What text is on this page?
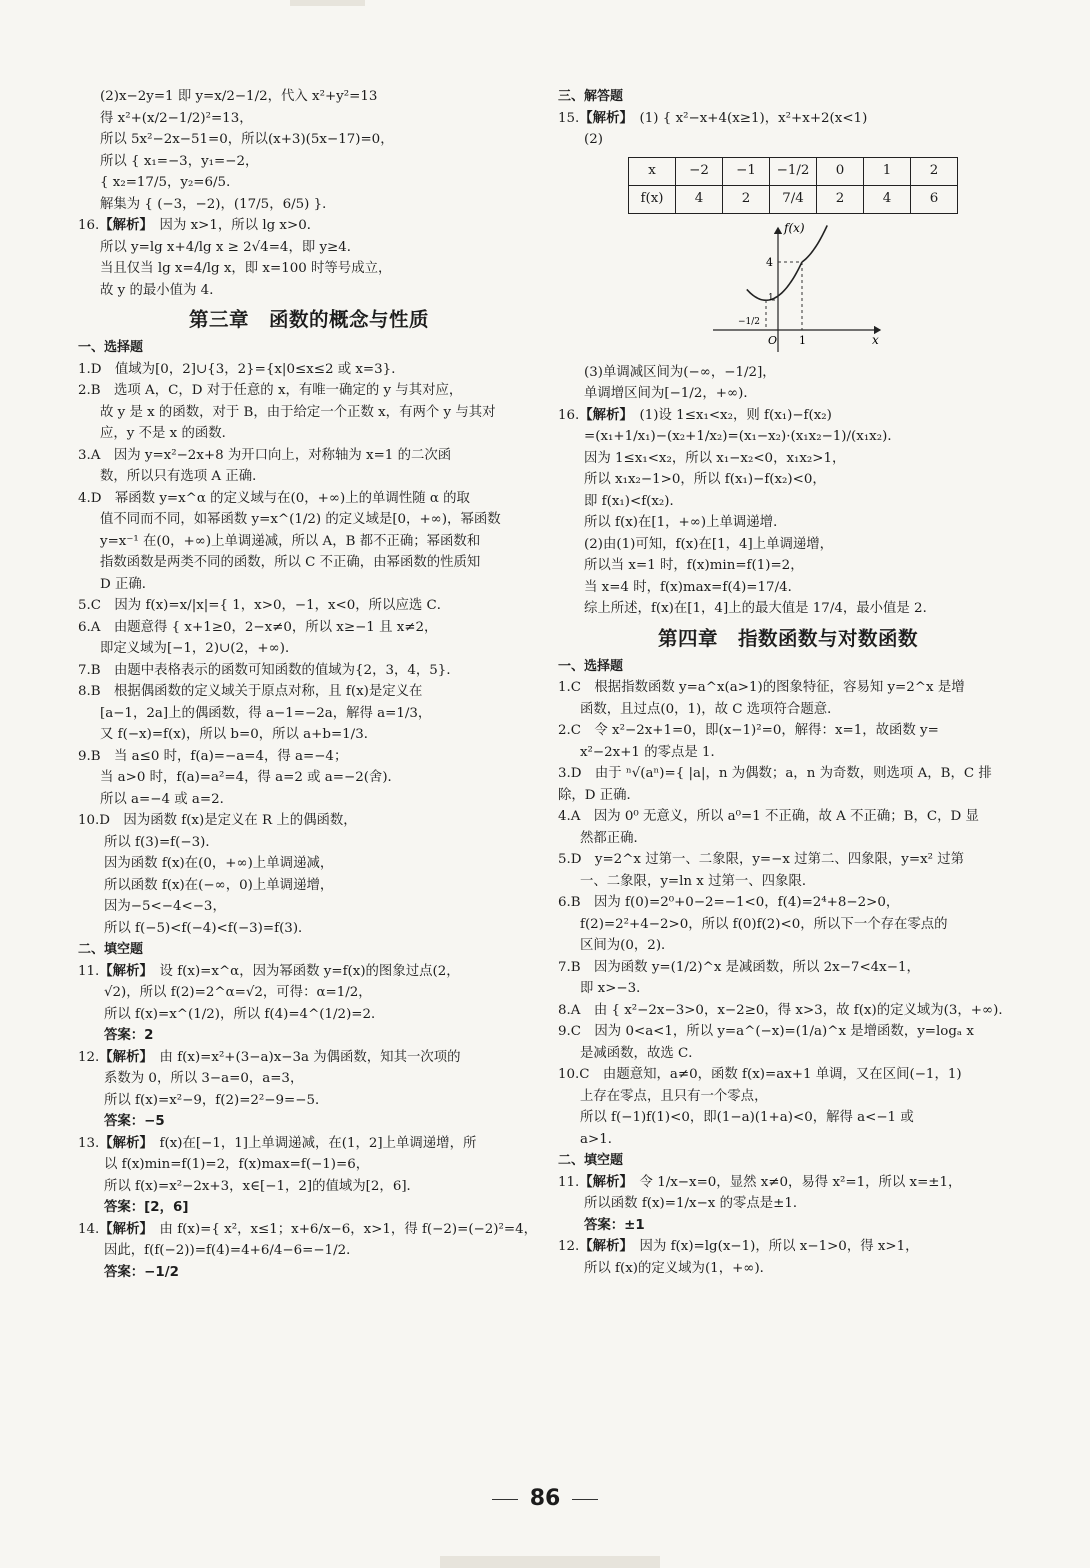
(2)x−2y=1 即 y=x/2−1/2，代入 x²+y²=13
得 x²+(x/2−1/2)²=13，
所以 5x²−2x−51=0，所以(x+3)(5x−17)=0，
所以 { x₁=−3，y₁=−2，
{ x₂=17/5，y₂=6/5．
解集为 { (−3，−2)，(17/5，6/5) }．
16.【解析】　因为 x>1，所以 lg x>0．
所以 y=lg x+4/lg x ≥ 2√4=4，即 y≥4．
当且仅当 lg x=4/lg x，即 x=100 时等号成立，
故 y 的最小值为 4．
第三章　函数的概念与性质
一、选择题
1.D　值域为[0，2]∪{3，2}={x|0≤x≤2 或 x=3}．
2.B　选项 A，C，D 对于任意的 x，有唯一确定的 y 与其对应，
故 y 是 x 的函数，对于 B，由于给定一个正数 x，有两个 y 与其对
应，y 不是 x 的函数．
3.A　因为 y=x²−2x+8 为开口向上，对称轴为 x=1 的二次函
数，所以只有选项 A 正确．
4.D　幂函数 y=x^α 的定义域与在(0，+∞)上的单调性随 α 的取
值不同而不同，如幂函数 y=x^(1/2) 的定义域是[0，+∞)，幂函数
y=x⁻¹ 在(0，+∞)上单调递减，所以 A，B 都不正确；幂函数和
指数函数是两类不同的函数，所以 C 不正确，由幂函数的性质知
D 正确．
5.C　因为 f(x)=x/|x|={ 1，x>0，−1，x<0，所以应选 C．
6.A　由题意得 { x+1≥0，2−x≠0，所以 x≥−1 且 x≠2，
即定义域为[−1，2)∪(2，+∞)．
7.B　由题中表格表示的函数可知函数的值域为{2，3，4，5}．
8.B　根据偶函数的定义域关于原点对称，且 f(x)是定义在
[a−1，2a]上的偶函数，得 a−1=−2a，解得 a=1/3，
又 f(−x)=f(x)，所以 b=0，所以 a+b=1/3．
9.B　当 a≤0 时，f(a)=−a=4，得 a=−4；
当 a>0 时，f(a)=a²=4，得 a=2 或 a=−2(舍)．
所以 a=−4 或 a=2．
10.D　因为函数 f(x)是定义在 R 上的偶函数，
所以 f(3)=f(−3)．
因为函数 f(x)在(0，+∞)上单调递减，
所以函数 f(x)在(−∞，0)上单调递增，
因为−5<−4<−3，
所以 f(−5)<f(−4)<f(−3)=f(3)．
二、填空题
11.【解析】　设 f(x)=x^α，因为幂函数 y=f(x)的图象过点(2，
√2)，所以 f(2)=2^α=√2，可得：α=1/2，
所以 f(x)=x^(1/2)，所以 f(4)=4^(1/2)=2．
答案：2
12.【解析】　由 f(x)=x²+(3−a)x−3a 为偶函数，知其一次项的
系数为 0，所以 3−a=0，a=3，
所以 f(x)=x²−9，f(2)=2²−9=−5．
答案：−5
13.【解析】　f(x)在[−1，1]上单调递减，在(1，2]上单调递增，所
以 f(x)min=f(1)=2，f(x)max=f(−1)=6，
所以 f(x)=x²−2x+3，x∈[−1，2]的值域为[2，6]．
答案：[2，6]
14.【解析】　由 f(x)={ x²，x≤1；x+6/x−6，x>1，得 f(−2)=(−2)²=4，
因此，f(f(−2))=f(4)=4+6/4−6=−1/2．
答案：−1/2
三、解答题
15.【解析】　(1) { x²−x+4(x≥1)，x²+x+2(x<1)
(2)
x	−2	−1	−1/2	0	1	2
f(x)	4	2	7/4	2	4	6
f(x)
x
O 1
4
−1/2
1
(3)单调减区间为(−∞，−1/2]，
单调增区间为[−1/2，+∞)．
16.【解析】　(1)设 1≤x₁<x₂，则 f(x₁)−f(x₂)
=(x₁+1/x₁)−(x₂+1/x₂)=(x₁−x₂)·(x₁x₂−1)/(x₁x₂)．
因为 1≤x₁<x₂，所以 x₁−x₂<0，x₁x₂>1，
所以 x₁x₂−1>0，所以 f(x₁)−f(x₂)<0，
即 f(x₁)<f(x₂)．
所以 f(x)在[1，+∞)上单调递增．
(2)由(1)可知，f(x)在[1，4]上单调递增，
所以当 x=1 时，f(x)min=f(1)=2，
当 x=4 时，f(x)max=f(4)=17/4．
综上所述，f(x)在[1，4]上的最大值是 17/4，最小值是 2．
第四章　指数函数与对数函数
一、选择题
1.C　根据指数函数 y=a^x(a>1)的图象特征，容易知 y=2^x 是增
函数，且过点(0，1)，故 C 选项符合题意．
2.C　令 x²−2x+1=0，即(x−1)²=0，解得：x=1，故函数 y=
x²−2x+1 的零点是 1．
3.D　由于 ⁿ√(aⁿ)={ |a|，n 为偶数；a，n 为奇数，则选项 A，B，C 排除，D 正确．
4.A　因为 0⁰ 无意义，所以 a⁰=1 不正确，故 A 不正确；B，C，D 显
然都正确．
5.D　y=2^x 过第一、二象限，y=−x 过第二、四象限，y=x² 过第
一、二象限，y=ln x 过第一、四象限．
6.B　因为 f(0)=2⁰+0−2=−1<0，f(4)=2⁴+8−2>0，
f(2)=2²+4−2>0，所以 f(0)f(2)<0，所以下一个存在零点的
区间为(0，2)．
7.B　因为函数 y=(1/2)^x 是减函数，所以 2x−7<4x−1，
即 x>−3．
8.A　由 { x²−2x−3>0，x−2≥0，得 x>3，故 f(x)的定义域为(3，+∞)．
9.C　因为 0<a<1，所以 y=a^(−x)=(1/a)^x 是增函数，y=logₐ x
是减函数，故选 C．
10.C　由题意知，a≠0，函数 f(x)=ax+1 单调，又在区间(−1，1)
上存在零点，且只有一个零点，
所以 f(−1)f(1)<0，即(1−a)(1+a)<0，解得 a<−1 或
a>1．
二、填空题
11.【解析】　令 1/x−x=0，显然 x≠0，易得 x²=1，所以 x=±1，
所以函数 f(x)=1/x−x 的零点是±1．
答案：±1
12.【解析】　因为 f(x)=lg(x−1)，所以 x−1>0，得 x>1，
所以 f(x)的定义域为(1，+∞)．
86
